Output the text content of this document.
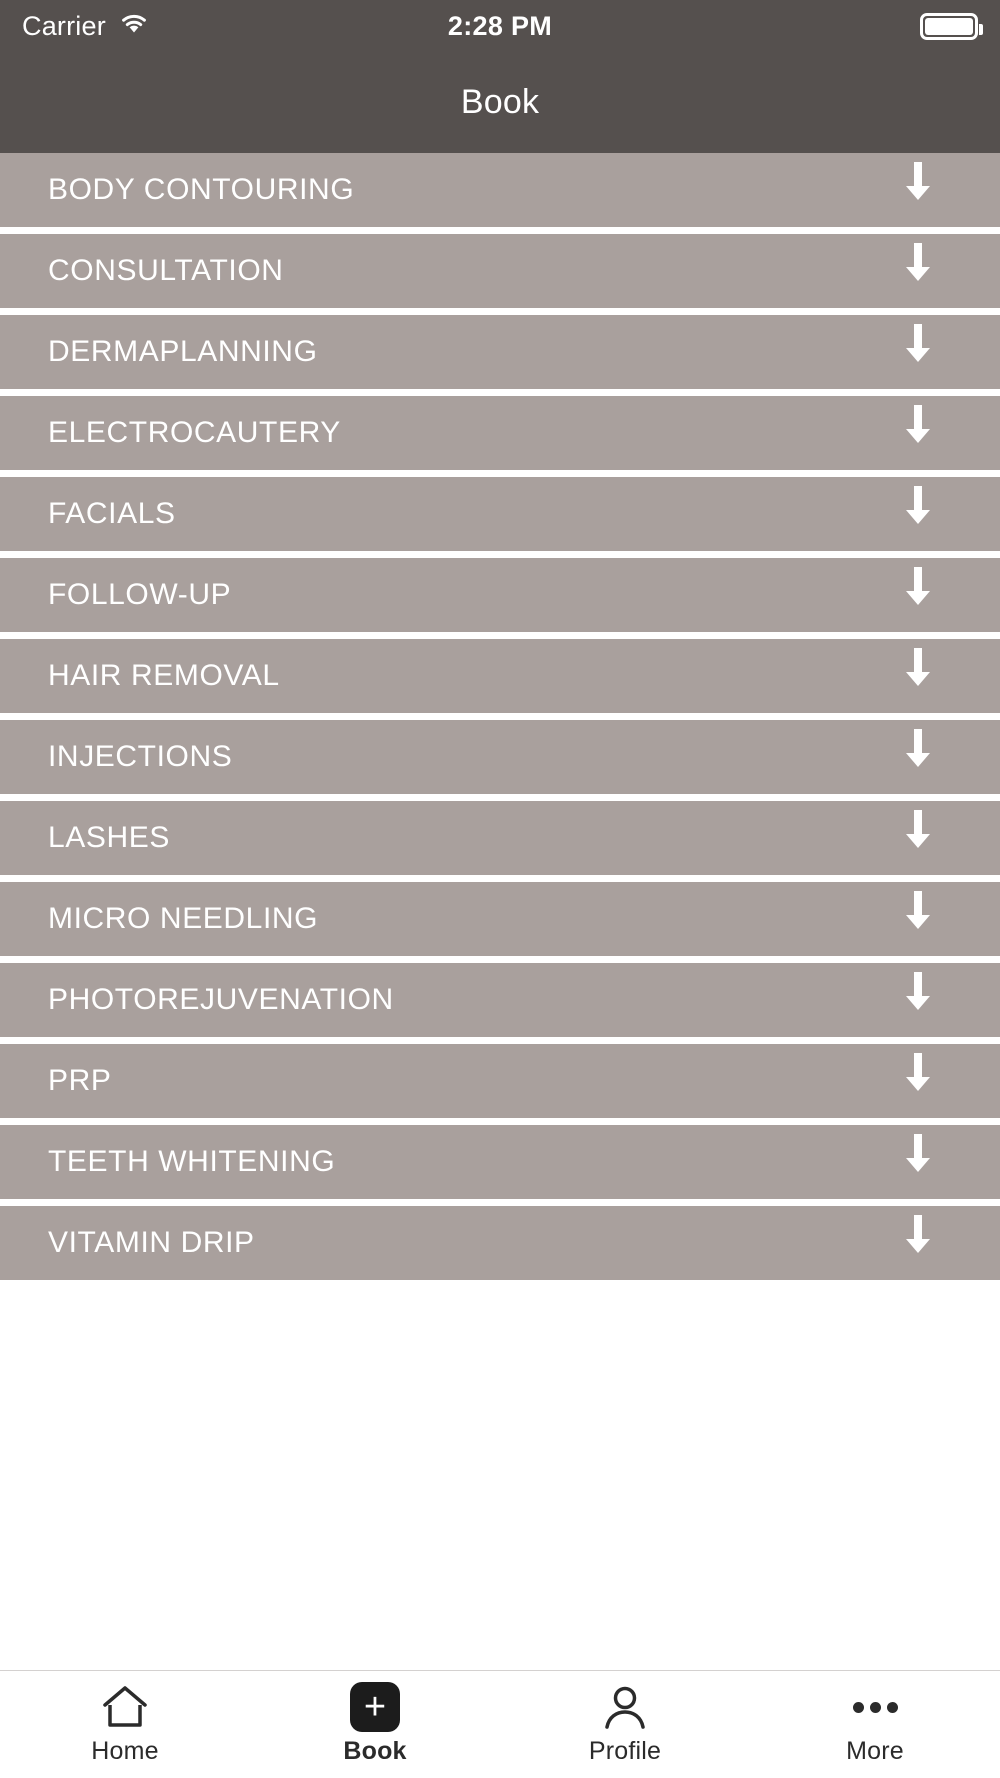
Carrier	2:28 PM
Book
BODY CONTOURING
CONSULTATION
DERMAPLANNING
ELECTROCAUTERY
FACIALS
FOLLOW-UP
HAIR REMOVAL
INJECTIONS
LASHES
MICRO NEEDLING
PHOTOREJUVENATION
PRP
TEETH WHITENING
VITAMIN DRIP
Home
+
Book	Profile	More
